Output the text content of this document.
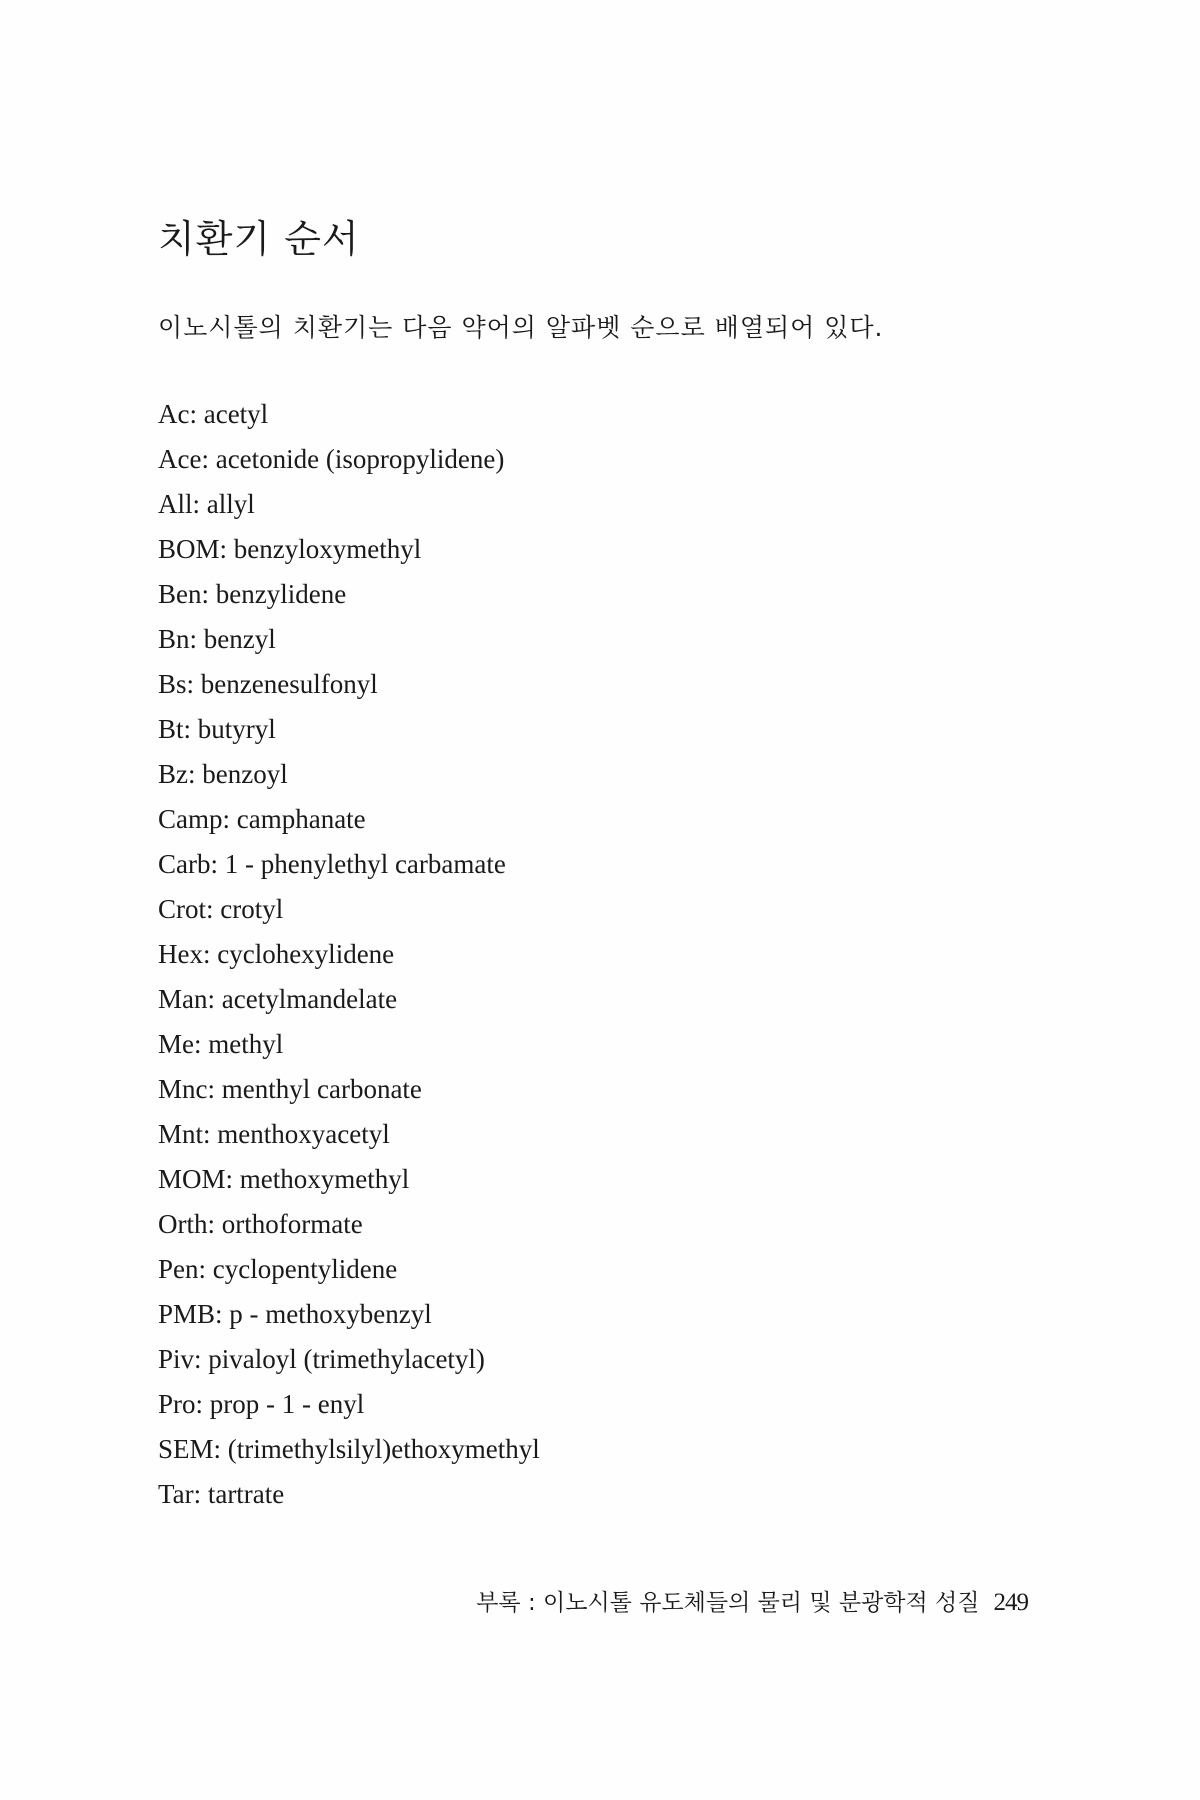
치환기 순서

이노시톨의 치환기는 다음 약어의 알파벳 순으로 배열되어 있다.

Ac: acetyl
Ace: acetonide (isopropylidene)
All: allyl
BOM: benzyloxymethyl
Ben: benzylidene
Bn: benzyl
Bs: benzenesulfonyl
Bt: butyryl
Bz: benzoyl
Camp: camphanate
Carb: 1 - phenylethyl carbamate
Crot: crotyl
Hex: cyclohexylidene
Man: acetylmandelate
Me: methyl
Mnc: menthyl carbonate
Mnt: menthoxyacetyl
MOM: methoxymethyl
Orth: orthoformate
Pen: cyclopentylidene
PMB: p - methoxybenzyl
Piv: pivaloyl (trimethylacetyl)
Pro: prop - 1 - enyl
SEM: (trimethylsilyl)ethoxymethyl
Tar: tartrate
부록 : 이노시톨 유도체들의 물리 및 분광학적 성질 249
